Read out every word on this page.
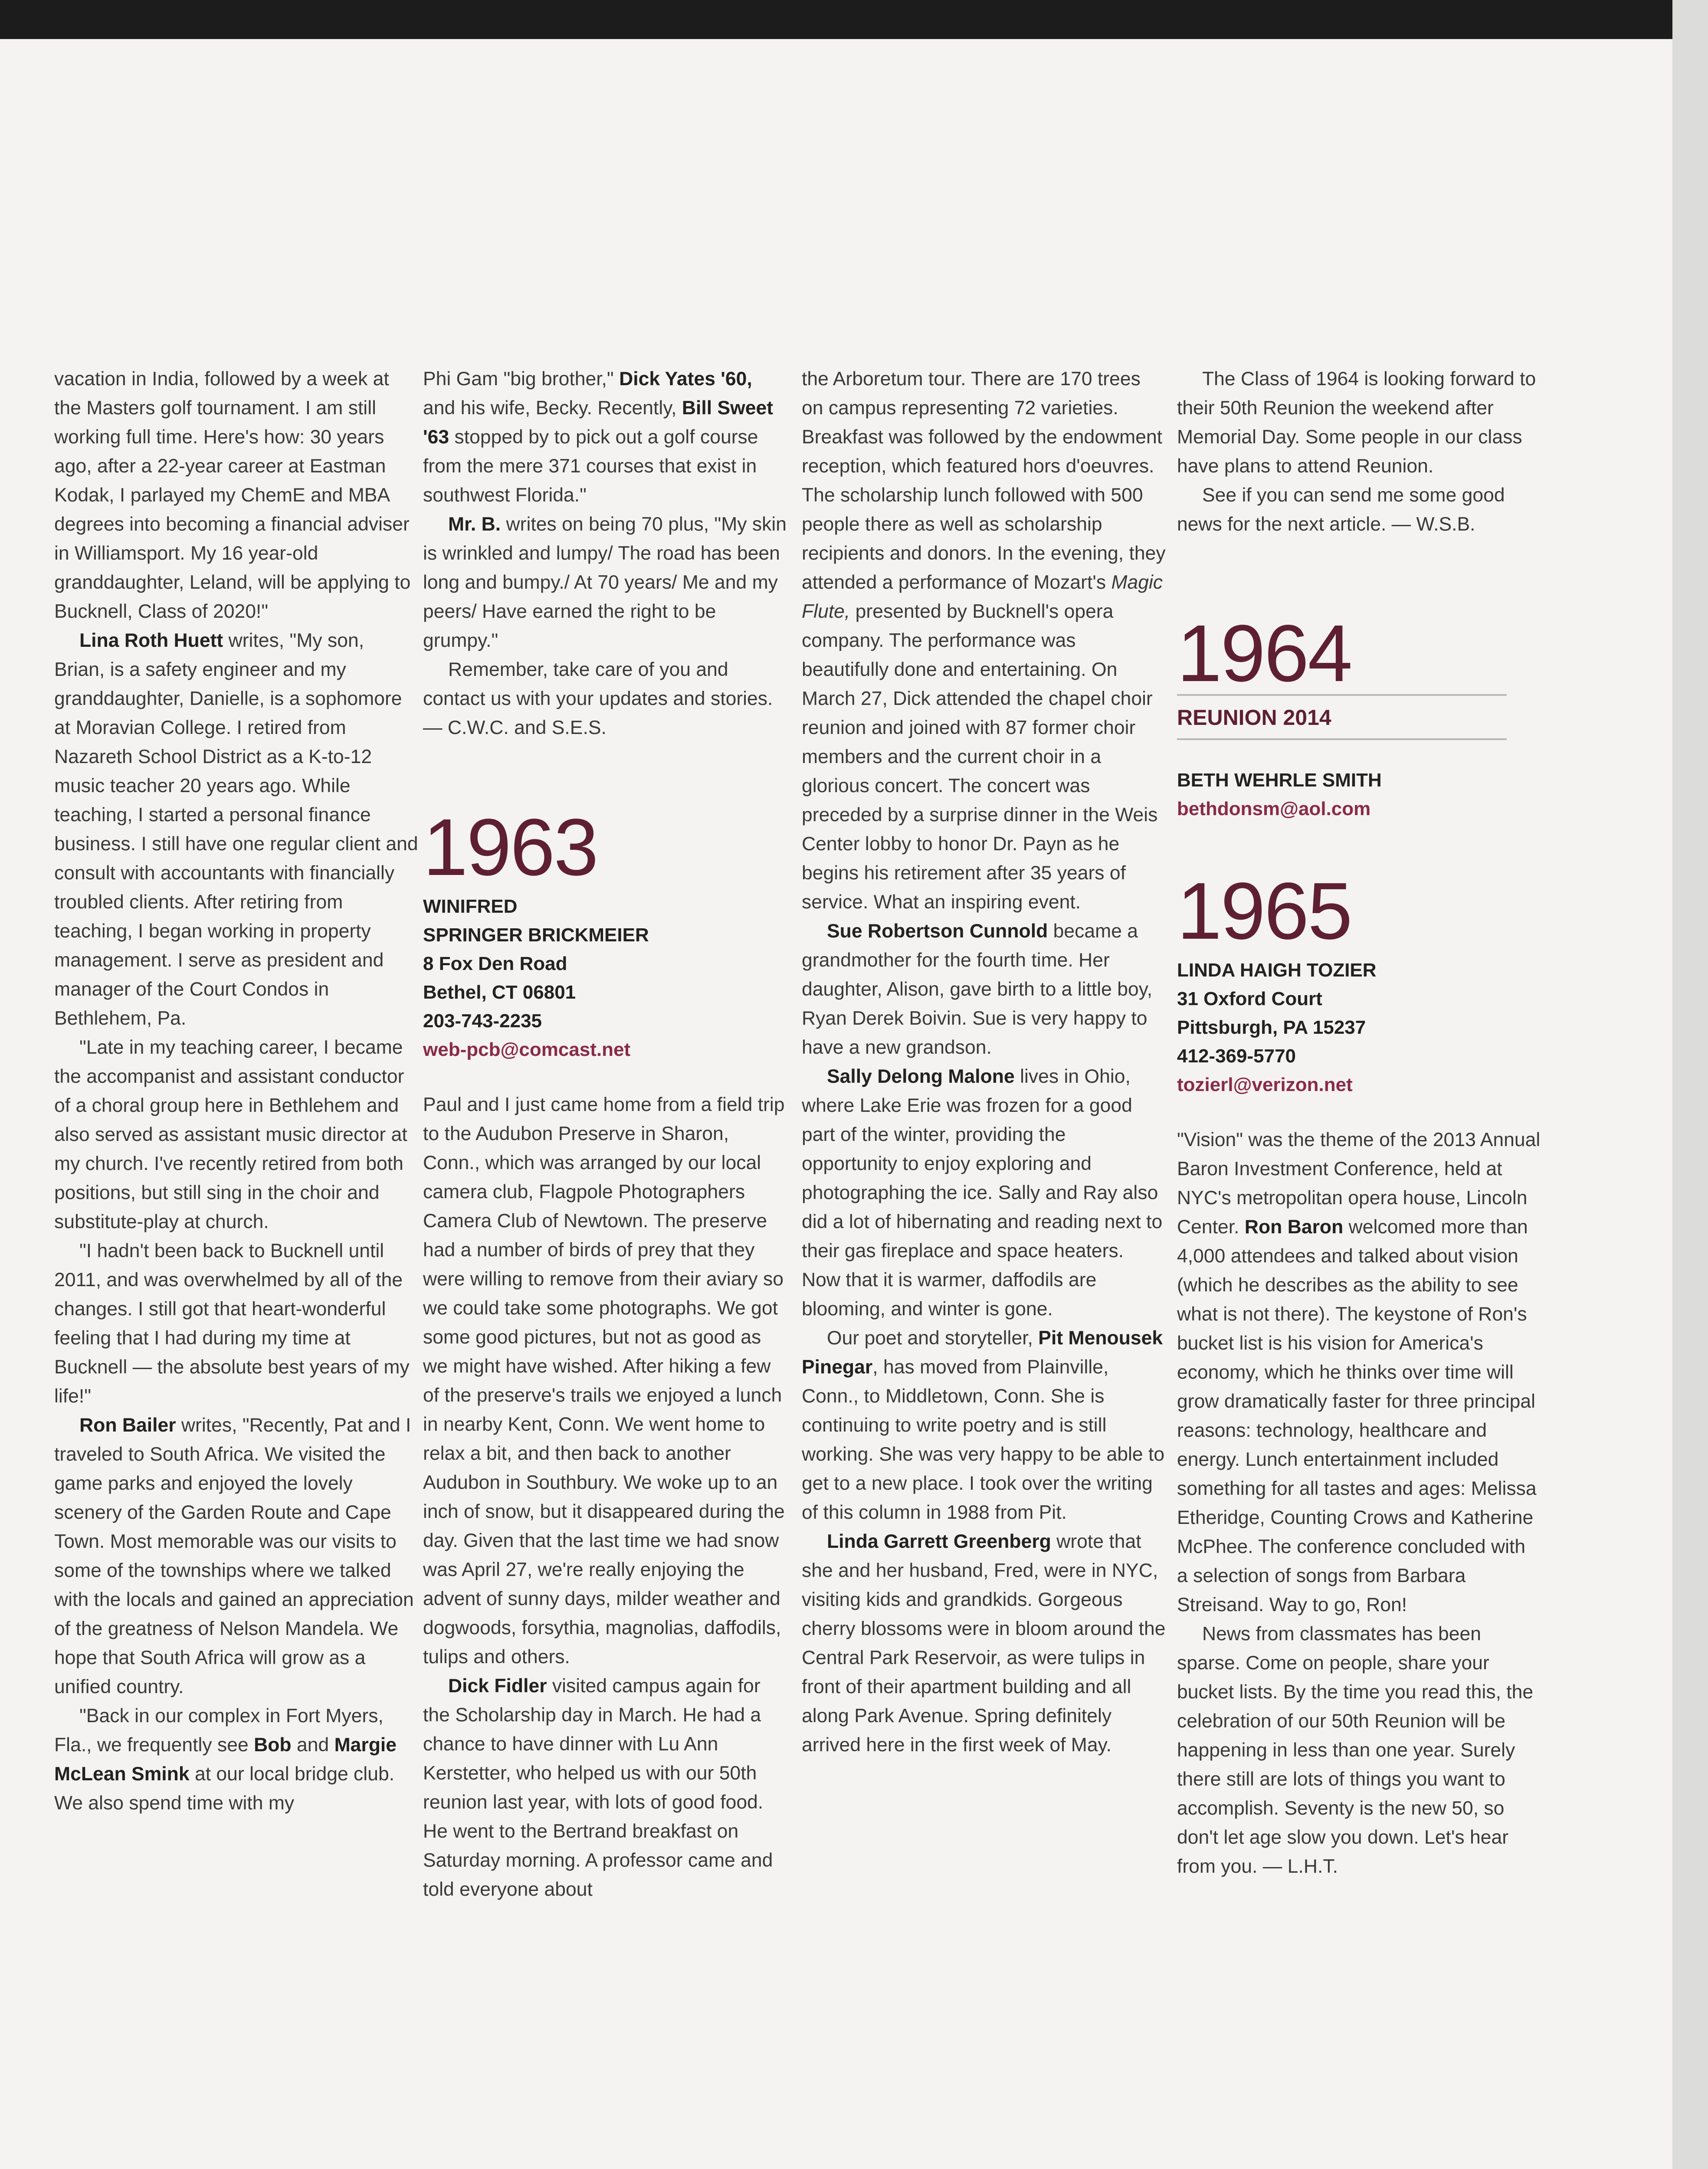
vacation in India, followed by a week at the Masters golf tournament. I am still working full time. Here's how: 30 years ago, after a 22-year career at Eastman Kodak, I parlayed my ChemE and MBA degrees into becoming a financial adviser in Williamsport. My 16 year-old granddaughter, Leland, will be applying to Bucknell, Class of 2020!"

Lina Roth Huett writes, "My son, Brian, is a safety engineer and my granddaughter, Danielle, is a sophomore at Moravian College. I retired from Nazareth School District as a K-to-12 music teacher 20 years ago. While teaching, I started a personal finance business. I still have one regular client and consult with accountants with financially troubled clients. After retiring from teaching, I began working in property management. I serve as president and manager of the Court Condos in Bethlehem, Pa.

"Late in my teaching career, I became the accompanist and assistant conductor of a choral group here in Bethlehem and also served as assistant music director at my church. I've recently retired from both positions, but still sing in the choir and substitute-play at church.

"I hadn't been back to Bucknell until 2011, and was overwhelmed by all of the changes. I still got that heart-wonderful feeling that I had during my time at Bucknell — the absolute best years of my life!"

Ron Bailer writes, "Recently, Pat and I traveled to South Africa. We visited the game parks and enjoyed the lovely scenery of the Garden Route and Cape Town. Most memorable was our visits to some of the townships where we talked with the locals and gained an appreciation of the greatness of Nelson Mandela. We hope that South Africa will grow as a unified country.

"Back in our complex in Fort Myers, Fla., we frequently see Bob and Margie McLean Smink at our local bridge club. We also spend time with my

Phi Gam "big brother," Dick Yates '60, and his wife, Becky. Recently, Bill Sweet '63 stopped by to pick out a golf course from the mere 371 courses that exist in southwest Florida."

Mr. B. writes on being 70 plus, "My skin is wrinkled and lumpy/ The road has been long and bumpy./ At 70 years/ Me and my peers/ Have earned the right to be grumpy."

Remember, take care of you and contact us with your updates and stories. — C.W.C. and S.E.S.

1963
WINIFRED
SPRINGER BRICKMEIER
8 Fox Den Road
Bethel, CT 06801
203-743-2235
web-pcb@comcast.net

Paul and I just came home from a field trip to the Audubon Preserve in Sharon, Conn., which was arranged by our local camera club, Flagpole Photographers Camera Club of Newtown. The preserve had a number of birds of prey that they were willing to remove from their aviary so we could take some photographs. We got some good pictures, but not as good as we might have wished. After hiking a few of the preserve's trails we enjoyed a lunch in nearby Kent, Conn. We went home to relax a bit, and then back to another Audubon in Southbury. We woke up to an inch of snow, but it disappeared during the day. Given that the last time we had snow was April 27, we're really enjoying the advent of sunny days, milder weather and dogwoods, forsythia, magnolias, daffodils, tulips and others.

Dick Fidler visited campus again for the Scholarship day in March. He had a chance to have dinner with Lu Ann Kerstetter, who helped us with our 50th reunion last year, with lots of good food. He went to the Bertrand breakfast on Saturday morning. A professor came and told everyone about

the Arboretum tour. There are 170 trees on campus representing 72 varieties. Breakfast was followed by the endowment reception, which featured hors d'oeuvres. The scholarship lunch followed with 500 people there as well as scholarship recipients and donors. In the evening, they attended a performance of Mozart's Magic Flute, presented by Bucknell's opera company. The performance was beautifully done and entertaining. On March 27, Dick attended the chapel choir reunion and joined with 87 former choir members and the current choir in a glorious concert. The concert was preceded by a surprise dinner in the Weis Center lobby to honor Dr. Payn as he begins his retirement after 35 years of service. What an inspiring event.

Sue Robertson Cunnold became a grandmother for the fourth time. Her daughter, Alison, gave birth to a little boy, Ryan Derek Boivin. Sue is very happy to have a new grandson.

Sally Delong Malone lives in Ohio, where Lake Erie was frozen for a good part of the winter, providing the opportunity to enjoy exploring and photographing the ice. Sally and Ray also did a lot of hibernating and reading next to their gas fireplace and space heaters. Now that it is warmer, daffodils are blooming, and winter is gone.

Our poet and storyteller, Pit Menousek Pinegar, has moved from Plainville, Conn., to Middletown, Conn. She is continuing to write poetry and is still working. She was very happy to be able to get to a new place. I took over the writing of this column in 1988 from Pit.

Linda Garrett Greenberg wrote that she and her husband, Fred, were in NYC, visiting kids and grandkids. Gorgeous cherry blossoms were in bloom around the Central Park Reservoir, as were tulips in front of their apartment building and all along Park Avenue. Spring definitely arrived here in the first week of May.

The Class of 1964 is looking forward to their 50th Reunion the weekend after Memorial Day. Some people in our class have plans to attend Reunion.

See if you can send me some good news for the next article. — W.S.B.

1964
REUNION 2014
BETH WEHRLE SMITH
bethdonsm@aol.com
1965
LINDA HAIGH TOZIER
31 Oxford Court
Pittsburgh, PA 15237
412-369-5770
tozierl@verizon.net

"Vision" was the theme of the 2013 Annual Baron Investment Conference, held at NYC's metropolitan opera house, Lincoln Center. Ron Baron welcomed more than 4,000 attendees and talked about vision (which he describes as the ability to see what is not there). The keystone of Ron's bucket list is his vision for America's economy, which he thinks over time will grow dramatically faster for three principal reasons: technology, healthcare and energy. Lunch entertainment included something for all tastes and ages: Melissa Etheridge, Counting Crows and Katherine McPhee. The conference concluded with a selection of songs from Barbara Streisand. Way to go, Ron!

News from classmates has been sparse. Come on people, share your bucket lists. By the time you read this, the celebration of our 50th Reunion will be happening in less than one year. Surely there still are lots of things you want to accomplish. Seventy is the new 50, so don't let age slow you down. Let's hear from you. — L.H.T.
